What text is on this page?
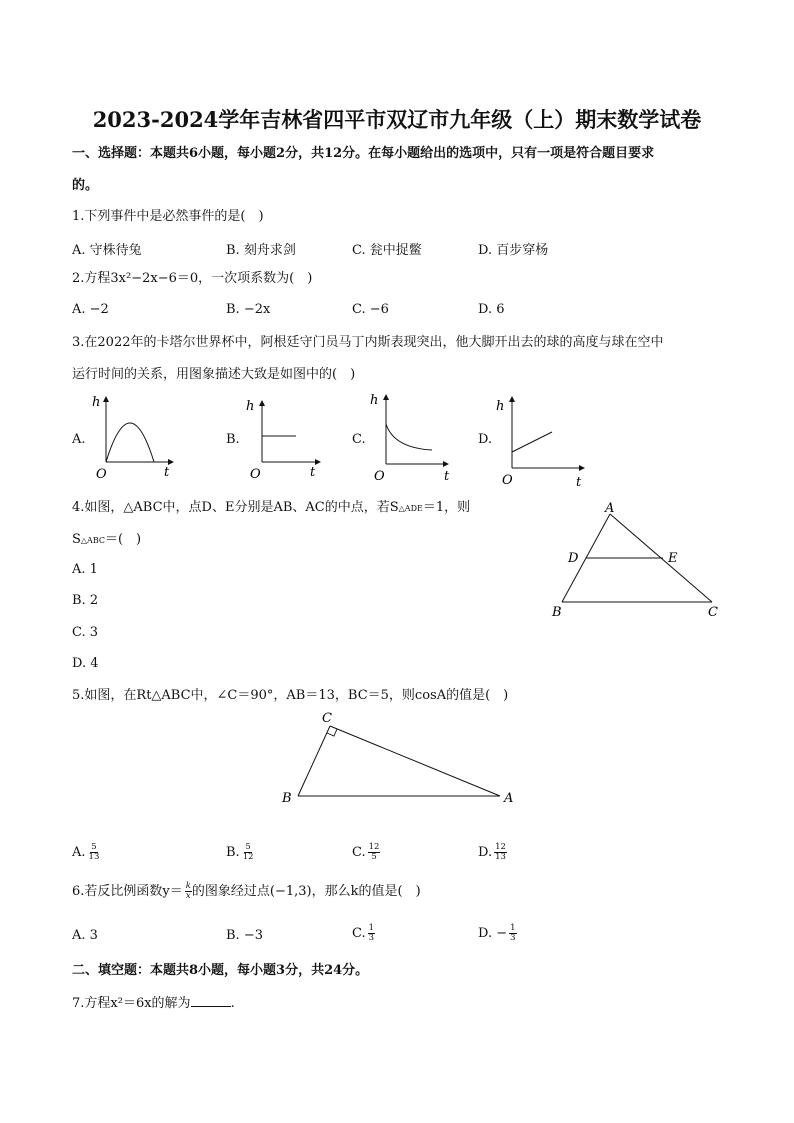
2023-2024学年吉林省四平市双辽市九年级（上）期末数学试卷
一、选择题：本题共6小题，每小题2分，共12分。在每小题给出的选项中，只有一项是符合题目要求
的。
1.下列事件中是必然事件的是(　)
A. 守株待兔	B. 刻舟求剑	C. 瓮中捉鳖	D. 百步穿杨
2.方程3x²−2x−6＝0，一次项系数为(　)
A. −2	B. −2x	C. −6	D. 6
3.在2022年的卡塔尔世界杯中，阿根廷守门员马丁内斯表现突出，他大脚开出去的球的高度与球在空中
运行时间的关系，用图象描述大致是如图中的(　)
A.
h
t
O
B.
h
t
O
C.
h
t
O
D.
h
t
O
4.如图，△ABC中，点D、E分别是AB、AC的中点，若S△ADE＝1，则
S△ABC＝(　)
A. 1
B. 2
C. 3
D. 4
A
D	E
B	C
5.如图，在Rt△ABC中，∠C＝90°，AB＝13，BC＝5，则cosA的值是(　)
C
B	A
A. $\frac{5}{13}$	B. $\frac{5}{12}$	C. $\frac{12}{5}$	D. $\frac{12}{13}$
6.若反比例函数$y= \frac{k}{x}$ 的图象经过点(−1,3)，那么k的值是(　)
A. 3	B. −3	C. $\frac{1}{3}$	D. − $\frac{1}{3}$
二、填空题：本题共8小题，每小题3分，共24分。
7.方程x²＝6x的解为	.
